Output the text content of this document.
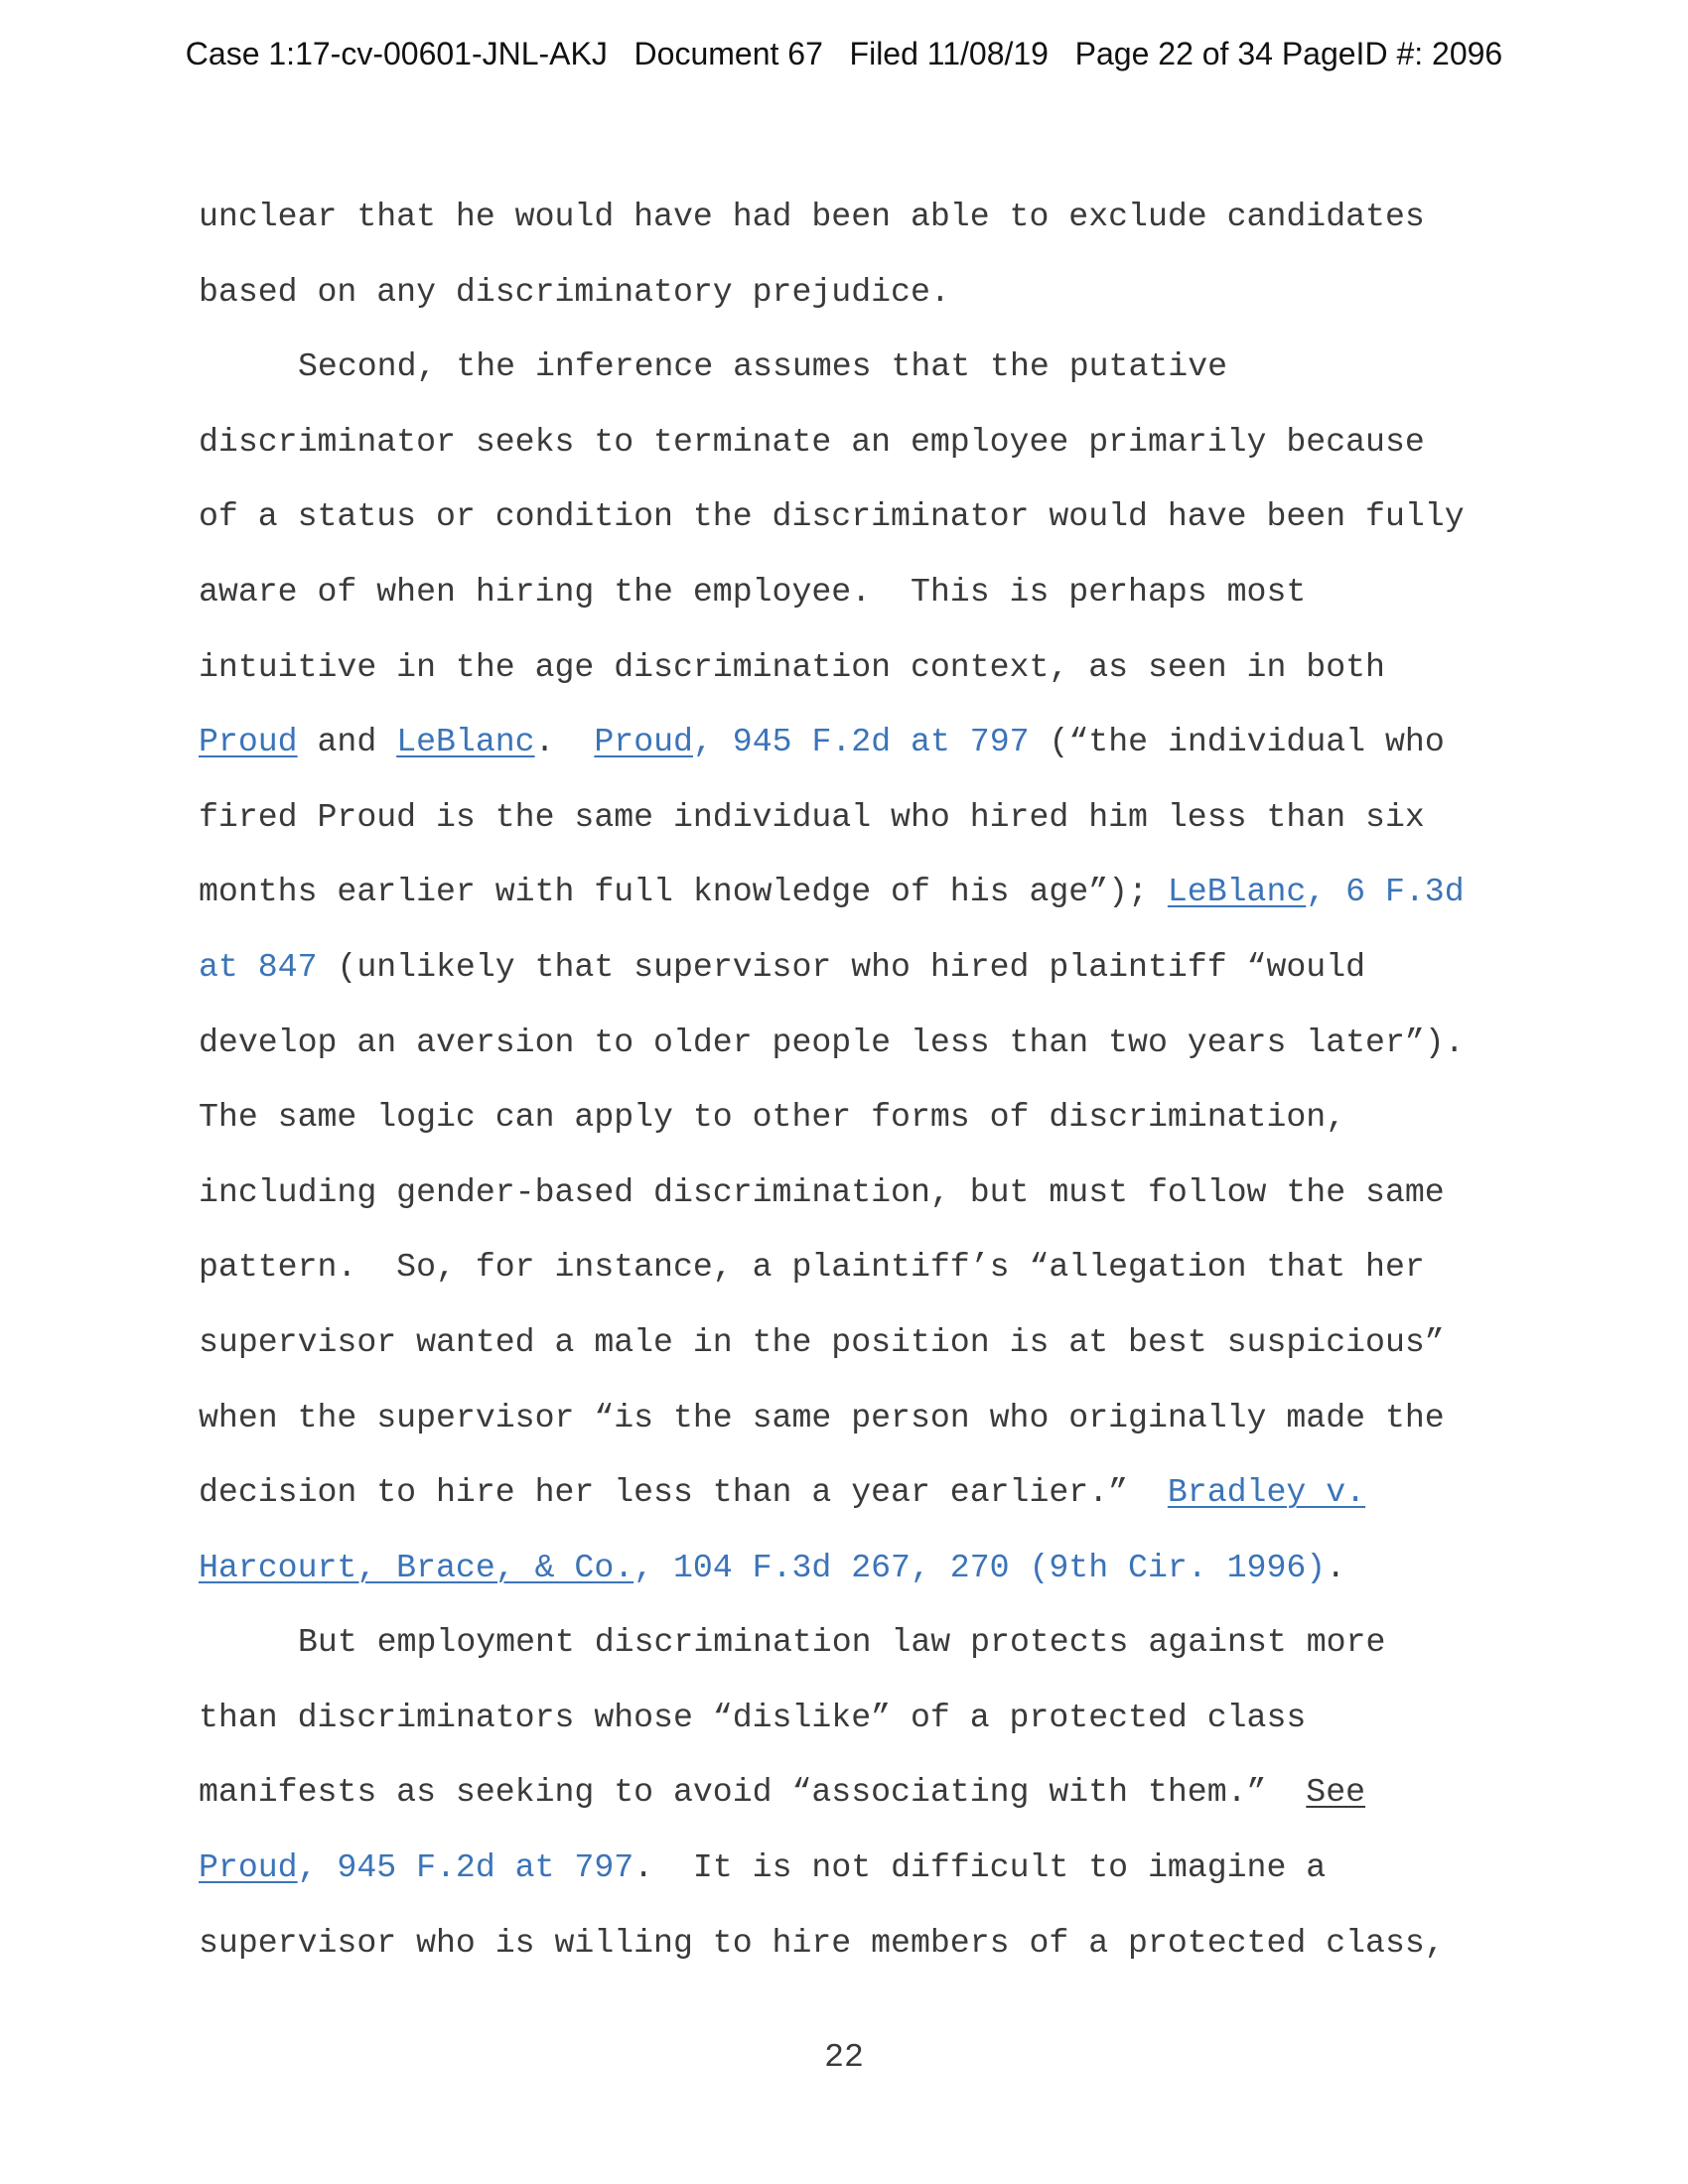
Case 1:17-cv-00601-JNL-AKJ   Document 67   Filed 11/08/19   Page 22 of 34 PageID #: 2096
unclear that he would have had been able to exclude candidates
based on any discriminatory prejudice.
Second, the inference assumes that the putative
discriminator seeks to terminate an employee primarily because
of a status or condition the discriminator would have been fully
aware of when hiring the employee.  This is perhaps most
intuitive in the age discrimination context, as seen in both
Proud and LeBlanc.  Proud, 945 F.2d at 797 (“the individual who
fired Proud is the same individual who hired him less than six
months earlier with full knowledge of his age”); LeBlanc, 6 F.3d
at 847 (unlikely that supervisor who hired plaintiff “would
develop an aversion to older people less than two years later”).
The same logic can apply to other forms of discrimination,
including gender-based discrimination, but must follow the same
pattern.  So, for instance, a plaintiff’s “allegation that her
supervisor wanted a male in the position is at best suspicious”
when the supervisor “is the same person who originally made the
decision to hire her less than a year earlier.”  Bradley v.
Harcourt, Brace, & Co., 104 F.3d 267, 270 (9th Cir. 1996).
But employment discrimination law protects against more
than discriminators whose “dislike” of a protected class
manifests as seeking to avoid “associating with them.”  See
Proud, 945 F.2d at 797.  It is not difficult to imagine a
supervisor who is willing to hire members of a protected class,
22
